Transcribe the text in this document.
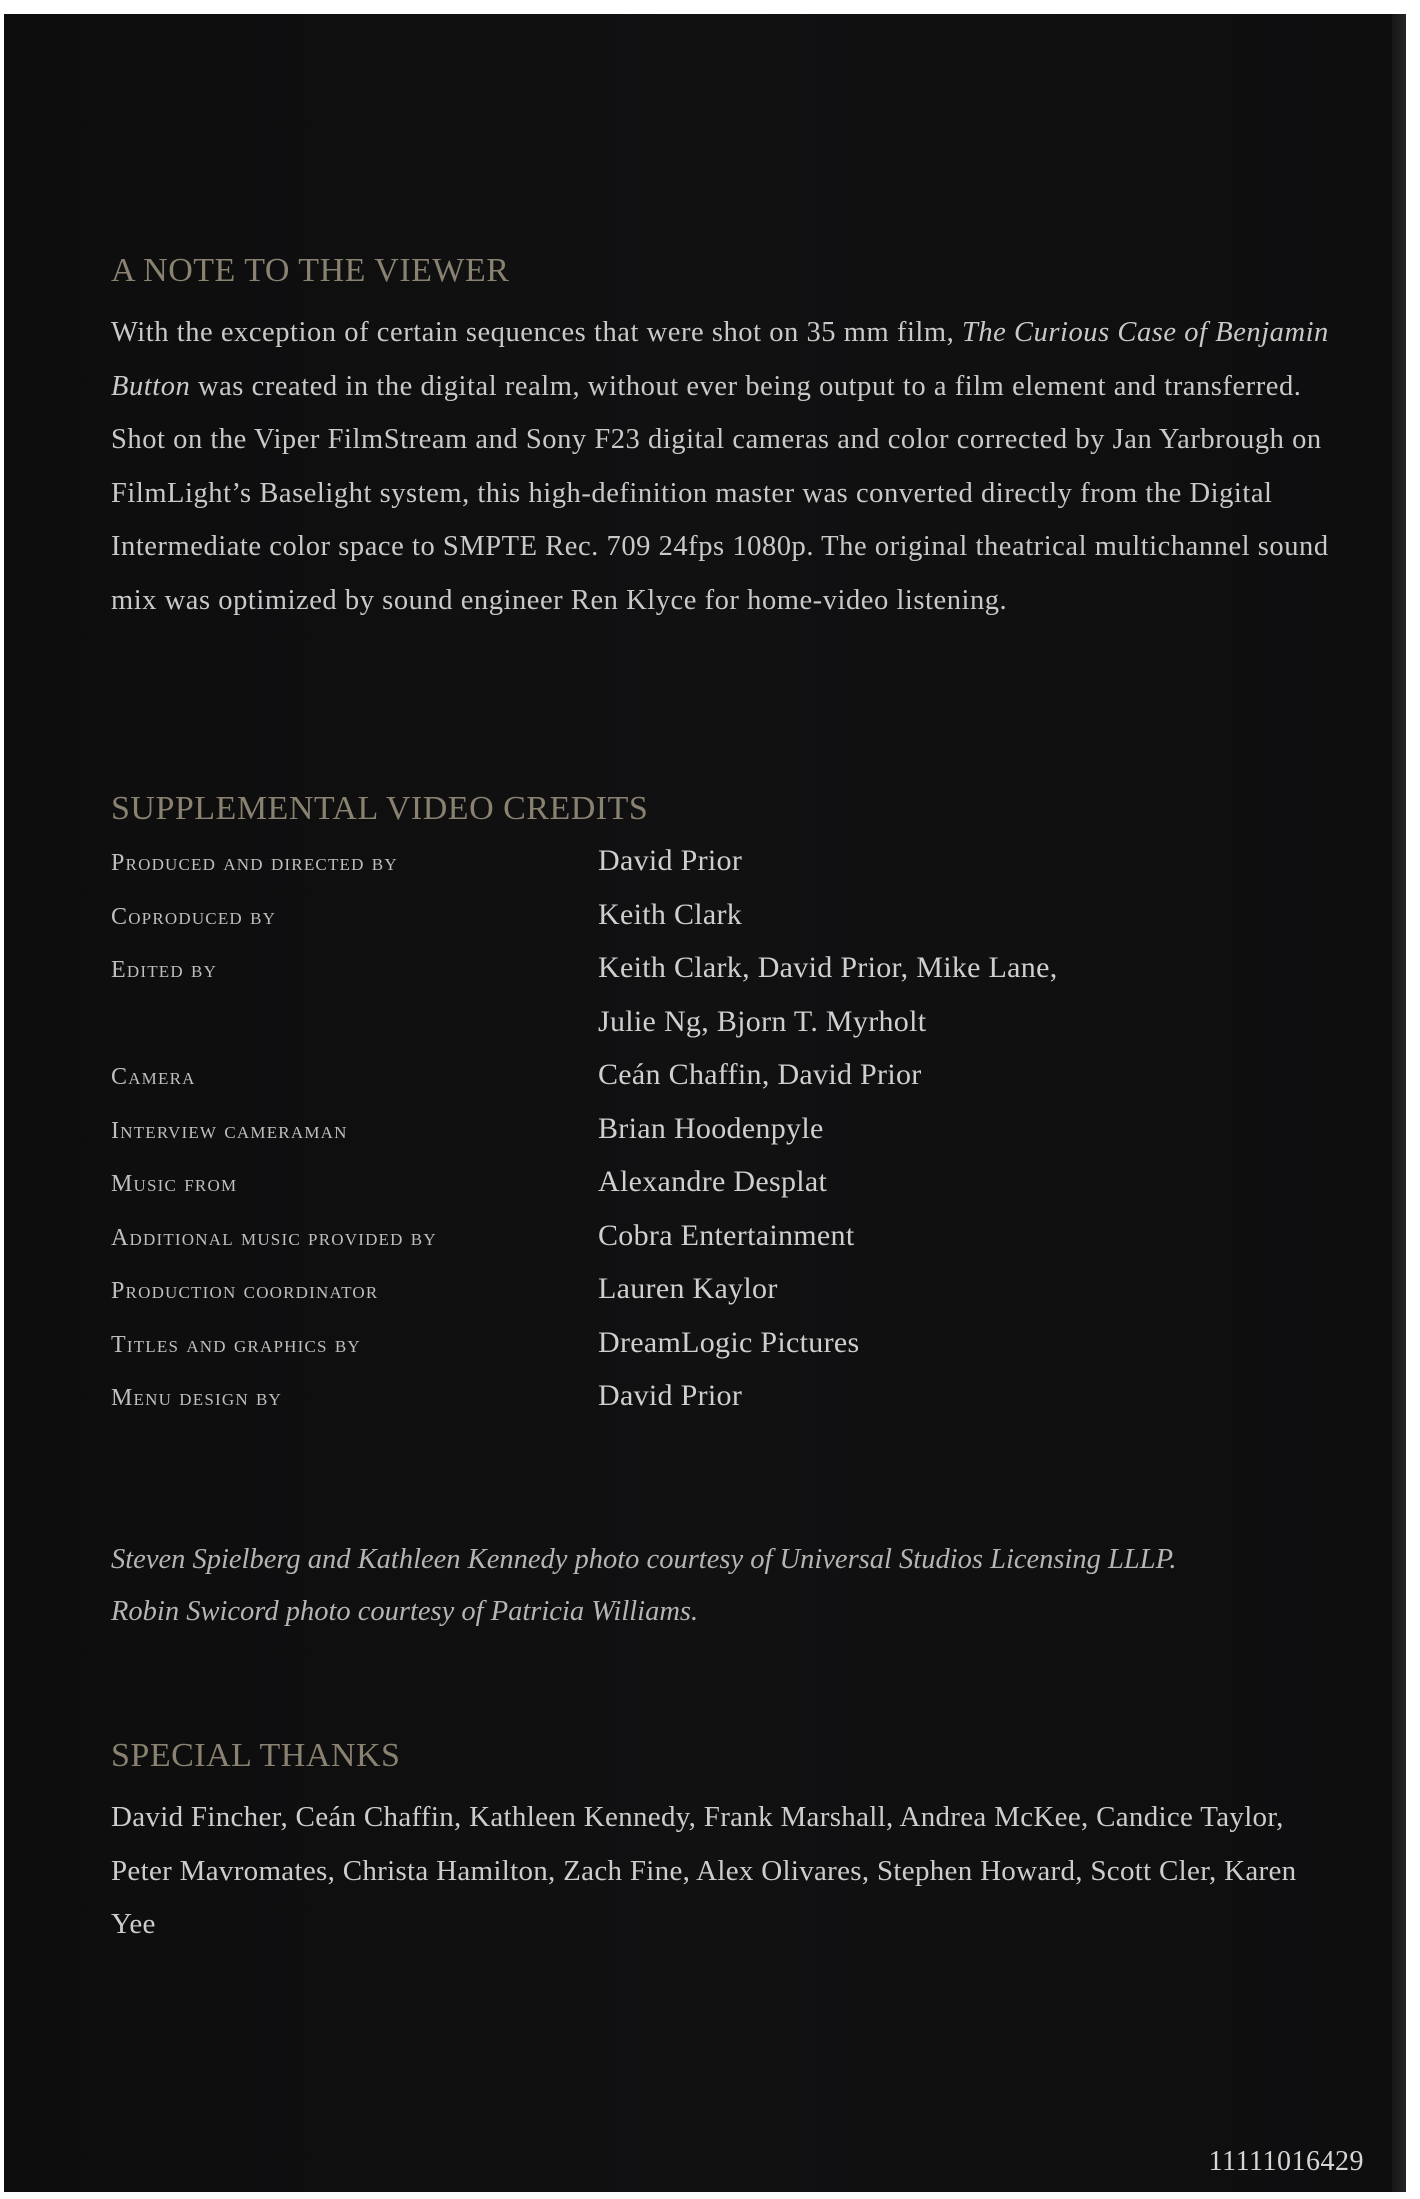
A NOTE TO THE VIEWER

With the exception of certain sequences that were shot on 35 mm film, The Curious Case of Benjamin Button was created in the digital realm, without ever being output to a film element and transferred. Shot on the Viper FilmStream and Sony F23 digital cameras and color corrected by Jan Yarbrough on FilmLight’s Baselight system, this high-definition master was converted directly from the Digital Intermediate color space to SMPTE Rec. 709 24fps 1080p. The original theatrical multichannel sound mix was optimized by sound engineer Ren Klyce for home-video listening.

SUPPLEMENTAL VIDEO CREDITS
Produced and directed by	David Prior
Coproduced by	Keith Clark
Edited by	Keith Clark, David Prior, Mike Lane,
Julie Ng, Bjorn T. Myrholt
Camera	Ceán Chaffin, David Prior
Interview cameraman	Brian Hoodenpyle
Music from	Alexandre Desplat
Additional music provided by	Cobra Entertainment
Production coordinator	Lauren Kaylor
Titles and graphics by	DreamLogic Pictures
Menu design by	David Prior
Steven Spielberg and Kathleen Kennedy photo courtesy of Universal Studios Licensing LLLP.
Robin Swicord photo courtesy of Patricia Williams.
SPECIAL THANKS

David Fincher, Ceán Chaffin, Kathleen Kennedy, Frank Marshall, Andrea McKee, Candice Taylor, Peter Mavromates, Christa Hamilton, Zach Fine, Alex Olivares, Stephen Howard, Scott Cler, Karen Yee

11111016429
